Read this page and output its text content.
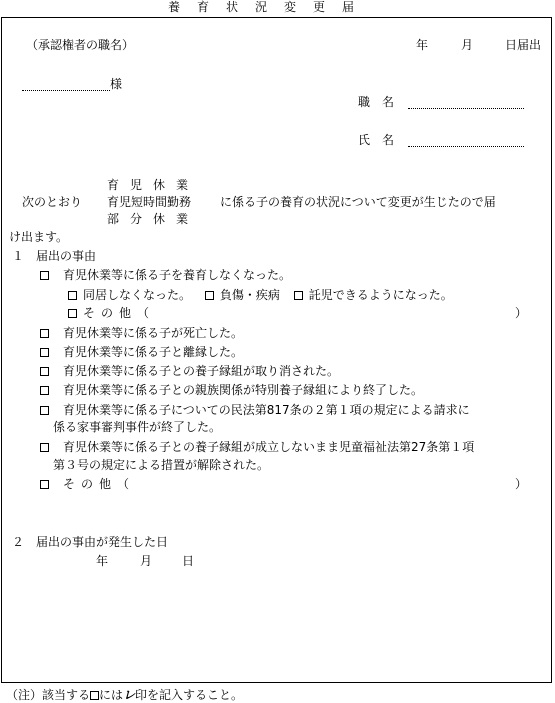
養育状況変更届
（承認権者の職名）	年	月	日届出
様
職　名
氏　名
育児休業
次のとおり 育児短時間勤務 に係る子の養育の状況について変更が生じたので届
部分休業
け出ます。
１　届出の事由
育児休業等に係る子を養育しなくなった。
同居しなくなった。 負傷・疾病 託児できるようになった。
その他（	）
育児休業等に係る子が死亡した。
育児休業等に係る子と離縁した。
育児休業等に係る子との養子縁組が取り消された。
育児休業等に係る子との親族関係が特別養子縁組により終了した。
育児休業等に係る子についての民法第817条の２第１項の規定による請求に
係る家事審判事件が終了した。
育児休業等に係る子との養子縁組が成立しないまま児童福祉法第27条第１項
第３号の規定による措置が解除された。
その他（	）
２　届出の事由が発生した日
年	月 日
（注）該当する にはレ印を記入すること。
